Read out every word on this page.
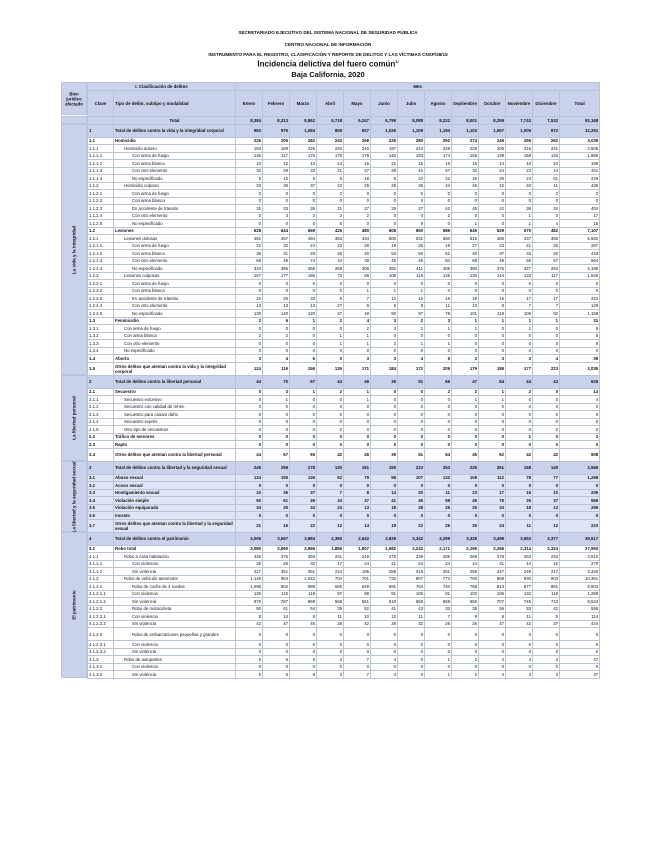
SECRETARIADO EJECUTIVO DEL SISTEMA NACIONAL DE SEGURIDAD PÚBLICA
CENTRO NACIONAL DE INFORMACIÓN
INSTRUMENTO PARA EL REGISTRO, CLASIFICACIÓN Y REPORTE DE DELITOS Y LAS VÍCTIMAS CNSP/38/15
Incidencia delictiva del fuero común$^{1/}$
Baja California, 2020
Bien jurídico afectado
La vida y la Integridad
La libertad personal
La libertad y la seguridad sexual
El patrimonio
I. Clasificación de delitos		Mes												
Clave	Tipo de delito, subtipo y modalidad	Enero	Febrero	Marzo	Abril	Mayo	Junio	Julio	Agosto	Septiembre	Octubre	Noviembre	Diciembre	Total
	Total	8,384	8,313	8,862	5,718	6,247	6,799	8,088	8,222	8,001	8,259	7,743	7,532	92,168
1	Total de delitos contra la vida y la integridad corporal	983	975	1,084	806	927	1,026	1,109	1,194	1,103	1,067	1,005	972	12,251
1.1	Homicidio	226	205	262	243	269	226	280	292	274	245	255	262	3,039
1.1.1	Homicidio doloso	193	169	225	220	240	197	244	248	228	205	215	221	2,605
1.1.1.1	Con arma de fuego	146	117	170	179	179	140	183	174	165	139	158	133	1,885
1.1.1.2	Con arma blanca	10	12	13	14	16	21	15	15	15	14	10	10	168
1.1.1.3	Con otro elemento	32	28	33	21	27	28	42	57	32	24	23	14	341
1.1.1.4	No especificado	5	12	9	6	18	8	22	22	16	26	24	61	229
1.1.2	Homicidio culposo	33	36	37	23	29	29	36	44	46	42	40	41	436
1.1.2.1	Con arma de fuego	0	0	0	0	0	0	0	0	0	0	0	0	0
1.1.2.2	Con arma blanca	0	0	0	0	0	0	0	0	0	0	0	0	0
1.1.2.3	En accidente de tránsito	31	33	35	21	27	29	27	42	45	42	38	34	404
1.1.2.4	Con otro elemento	2	3	2	2	2	0	0	2	0	0	1	3	17
1.1.2.5	No especificado	0	0	0	0	0	0	9	0	1	0	1	4	15
1.2	Lesiones	628	644	659	426	480	608	650	686	645	629	570	482	7,107
1.2.1	Lesiones dolosas	461	467	494	353	434	500	531	560	515	485	437	365	5,582
1.2.1.1	Con arma de fuego	22	32	24	23	28	18	25	19	27	23	21	25	287
1.2.1.2	Con arma blanca	39	31	28	28	40	53	50	52	40	37	33	20	443
1.2.1.3	Con otro elemento	66	48	74	34	38	45	45	84	68	49	56	57	664
1.2.1.4	No especificado	334	356	368	268	308	392	411	405	380	376	327	263	4,188
1.2.2	Lesiones culposas	167	177	165	73	66	108	119	126	130	144	133	117	1,525
1.2.2.1	Con arma de fuego	0	0	0	0	0	0	0	0	0	0	0	0	0
1.2.2.2	Con arma blanca	0	0	0	0	1	1	1	0	0	0	0	0	0
1.2.2.3	En accidente de tránsito	22	25	33	9	7	12	12	16	18	16	17	17	222
1.2.2.4	Con otro elemento	13	13	13	27	9	5	8	11	10	8	7	7	129
1.2.2.5	No especificado	130	140	120	37	48	90	97	78	101	119	106	92	1,158
1.3	Feminicidio	2	6	1	2	4	3	2	3	1	1	1	1	31
1.3.1	Con arma de fuego	0	0	0	0	2	3	1	1	1	0	1	0	9
1.3.2	Con arma blanca	2	2	0	1	1	0	0	0	0	0	0	0	6
1.3.3	Con otro elemento	0	0	0	1	1	2	1	1	0	0	0	0	9
1.3.4	No especificado	0	0	0	0	0	0	0	0	0	0	0	0	0
1.4	Aborto	3	4	6	0	3	3	4	5	2	3	3	4	39
1.5	Otros delitos que atentan contra la vida y la integridad corporal	124	116	156	135	171	184	172	209	179	189	177	223	2,035
2	Total de delitos contra la libertad personal	44	70	67	44	46	39	51	66	47	64	44	43	625
2.1	Secuestro	0	3	1	2	1	0	0	2	2	1	2	0	14
2.1.1	Secuestro extorsivo	0	1	0	0	1	0	0	0	1	1	0	0	4
2.1.2	Secuestro con calidad de rehén	0	0	0	0	0	0	0	0	0	0	0	0	0
2.1.3	Secuestro para causar daño	0	0	0	0	0	0	0	0	0	0	0	0	0
2.1.4	Secuestro exprés	0	0	0	0	0	0	0	0	0	0	0	0	0
2.1.5	Otro tipo de secuestros	0	0	0	0	0	0	0	0	0	0	0	0	0
2.2	Tráfico de menores	0	0	0	0	0	0	0	0	0	0	1	0	3
2.3	Rapto	0	0	0	0	0	0	0	0	0	0	0	0	0
2.4	Otros delitos que atentan contra la libertad personal	44	67	65	42	45	39	51	64	45	62	42	42	608
3	Total de delitos contra la libertad y la seguridad sexual	249	298	278	130	151	190	223	253	226	261	158	149	2,566
3.1	Abuso sexual	134	155	136	52	79	98	107	132	108	112	78	77	1,268
3.2	Acoso sexual	0	0	0	0	0	0	0	0	0	0	0	0	0
3.3	Hostigamiento sexual	10	36	37	7	8	14	20	11	23	17	16	10	209
3.4	Violación simple	50	61	49	34	37	41	46	59	45	75	35	37	569
3.5	Violación equiparada	34	30	34	24	13	18	28	26	25	33	18	13	296
3.6	Incesto	0	0	0	0	0	0	0	0	0	0	0	0	0
3.7	Otros delitos que atentan contra la libertad y la seguridad sexual	21	16	22	12	14	19	22	25	25	24	11	12	223
4	Total de delitos contra el patrimonio	4,006	3,567	3,884	2,390	2,542	2,829	3,342	3,299	3,329	3,499	3,553	3,377	39,617
4.1	Robo total	3,080	2,690	2,966	1,856	1,907	1,982	2,242	2,171	2,195	2,266	2,314	2,324	27,993
4.1.1	Robo a casa habitación	445	376	393	231	219	279	339	285	269	278	263	233	3,610
4.1.1.1	Con violencia	28	25	32	17	24	21	24	24	14	31	14	16	270
4.1.1.2	Sin violencia	417	351	361	214	195	258	315	261	255	247	249	217	3,340
4.1.2	Robo de vehículo automotor	1,145	963	1,042	704	701	732	807	773	793	868	930	903	10,361
4.1.2.1	Robo de coche de 4 ruedas	1,095	902	988	665	649	691	764	740	758	813	877	861	9,803
4.1.2.1.1	Con violencia	125	115	119	97	88	81	105	81	102	106	132	118	1,269
4.1.2.1.2	Sin violencia	970	787	869	568	561	610	659	659	656	707	745	743	8,534
4.1.2.2	Robo de motocicleta	50	61	54	39	52	41	43	33	35	55	53	42	558
4.1.2.2.1	Con violencia	8	14	8	11	10	12	11	7	9	8	11	5	114
4.1.2.2.2	Sin violencia	42	47	46	28	42	29	32	26	26	47	42	37	444
4.1.2.3	Robo de embarcaciones pequeñas y grandes	0	0	0	0	0	0	0	0	0	0	0	0	0
4.1.2.3.1	Con violencia	0	0	0	0	0	0	0	0	0	0	0	0	0
4.1.2.3.2	Sin violencia	0	0	0	0	0	0	0	0	0	0	0	0	0
4.1.3	Robo de autopartes	5	6	9	3	7	4	0	1	2	4	3	3	47
4.1.3.1	Con violencia	0	0	0	0	0	0	0	0	0	0	0	0	0
4.1.3.2	Sin violencia	5	6	9	3	7	4	0	1	2	4	3	3	47
